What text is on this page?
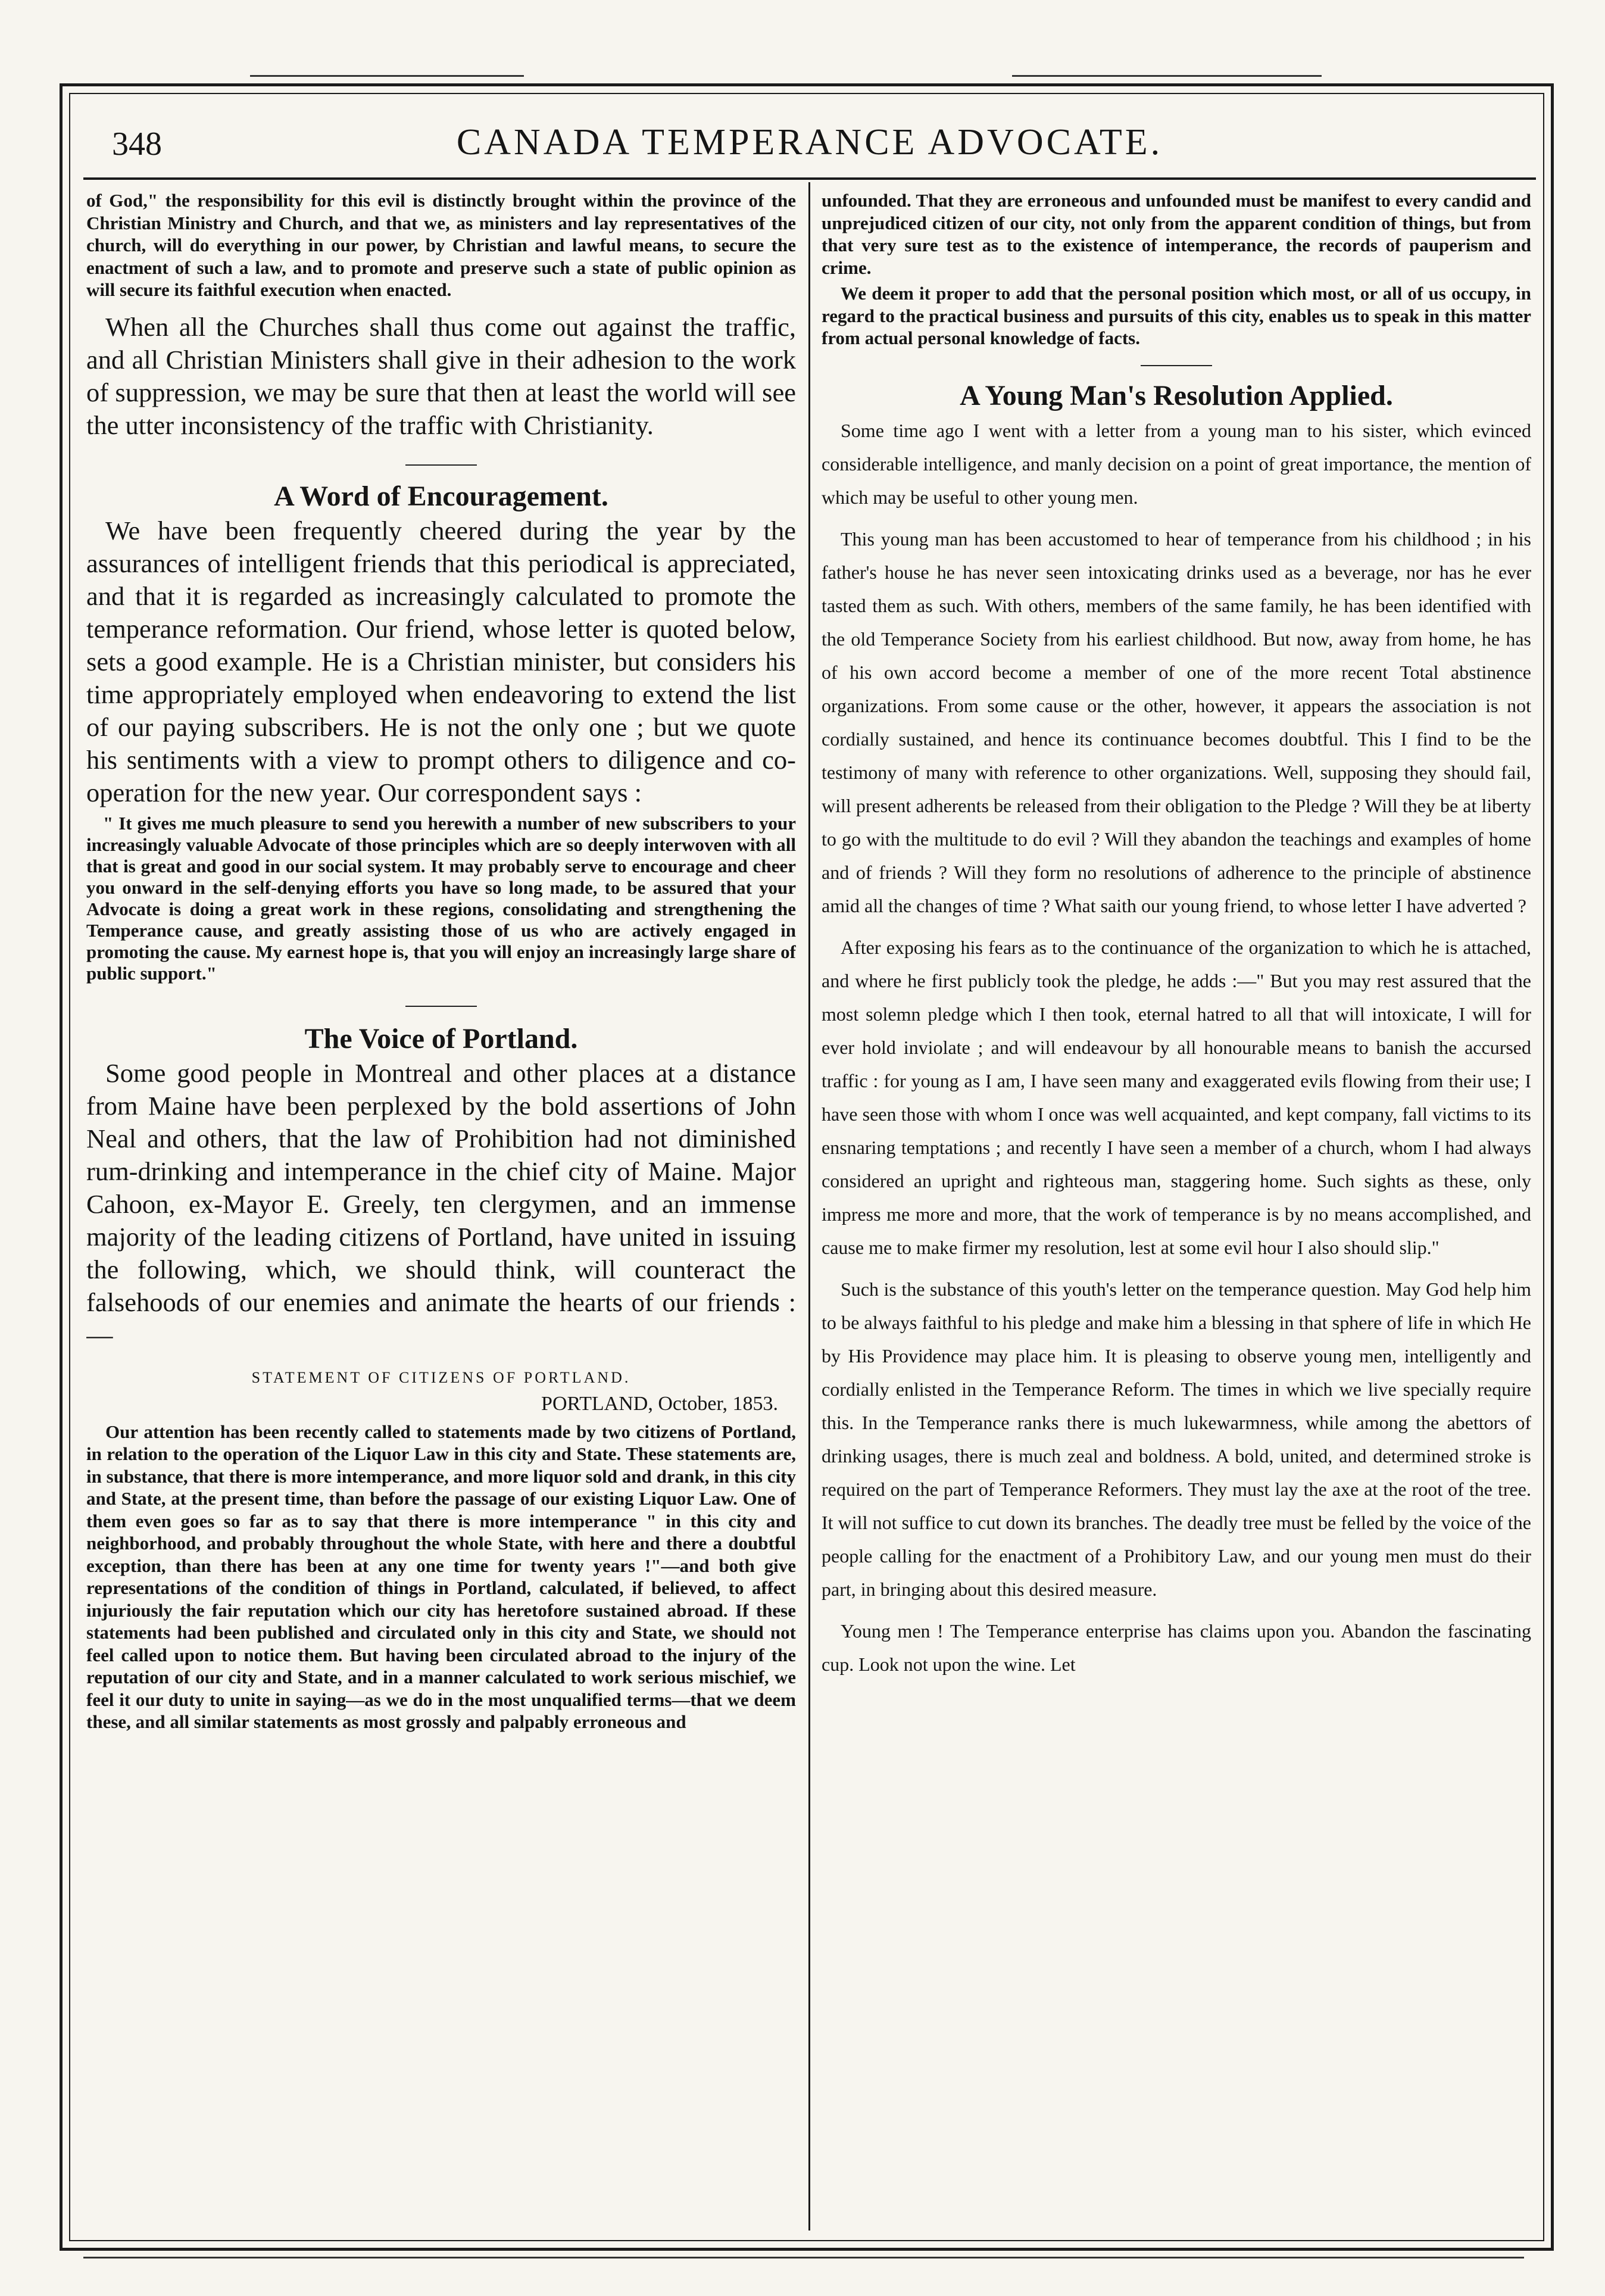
348	CANADA TEMPERANCE ADVOCATE.

of God," the responsibility for this evil is distinctly brought within the province of the Christian Ministry and Church, and that we, as ministers and lay representatives of the church, will do everything in our power, by Christian and lawful means, to secure the enactment of such a law, and to promote and preserve such a state of public opinion as will secure its faithful execution when enacted.

When all the Churches shall thus come out against the traffic, and all Christian Ministers shall give in their adhesion to the work of suppression, we may be sure that then at least the world will see the utter inconsistency of the traffic with Christianity.

A Word of Encouragement.

We have been frequently cheered during the year by the assurances of intelligent friends that this periodical is appreciated, and that it is regarded as increasingly calculated to promote the temperance reformation. Our friend, whose letter is quoted below, sets a good example. He is a Christian minister, but considers his time appropriately employed when endeavoring to extend the list of our paying subscribers. He is not the only one ; but we quote his sentiments with a view to prompt others to diligence and co-operation for the new year. Our correspondent says :

" It gives me much pleasure to send you herewith a number of new subscribers to your increasingly valuable Advocate of those principles which are so deeply interwoven with all that is great and good in our social system. It may probably serve to encourage and cheer you onward in the self-denying efforts you have so long made, to be assured that your Advocate is doing a great work in these regions, consolidating and strengthening the Temperance cause, and greatly assisting those of us who are actively engaged in promoting the cause. My earnest hope is, that you will enjoy an increasingly large share of public support."

The Voice of Portland.

Some good people in Montreal and other places at a distance from Maine have been perplexed by the bold assertions of John Neal and others, that the law of Prohibition had not diminished rum-drinking and intemperance in the chief city of Maine. Major Cahoon, ex-Mayor E. Greely, ten clergymen, and an immense majority of the leading citizens of Portland, have united in issuing the following, which, we should think, will counteract the falsehoods of our enemies and animate the hearts of our friends :—

STATEMENT OF CITIZENS OF PORTLAND.
PORTLAND, October, 1853.

Our attention has been recently called to statements made by two citizens of Portland, in relation to the operation of the Liquor Law in this city and State. These statements are, in substance, that there is more intemperance, and more liquor sold and drank, in this city and State, at the present time, than before the passage of our existing Liquor Law. One of them even goes so far as to say that there is more intemperance " in this city and neighborhood, and probably throughout the whole State, with here and there a doubtful exception, than there has been at any one time for twenty years !"—and both give representations of the condition of things in Portland, calculated, if believed, to affect injuriously the fair reputation which our city has heretofore sustained abroad. If these statements had been published and circulated only in this city and State, we should not feel called upon to notice them. But having been circulated abroad to the injury of the reputation of our city and State, and in a manner calculated to work serious mischief, we feel it our duty to unite in saying—as we do in the most unqualified terms—that we deem these, and all similar statements as most grossly and palpably erroneous and

unfounded. That they are erroneous and unfounded must be manifest to every candid and unprejudiced citizen of our city, not only from the apparent condition of things, but from that very sure test as to the existence of intemperance, the records of pauperism and crime.

We deem it proper to add that the personal position which most, or all of us occupy, in regard to the practical business and pursuits of this city, enables us to speak in this matter from actual personal knowledge of facts.

A Young Man's Resolution Applied.

Some time ago I went with a letter from a young man to his sister, which evinced considerable intelligence, and manly decision on a point of great importance, the mention of which may be useful to other young men.

This young man has been accustomed to hear of temperance from his childhood ; in his father's house he has never seen intoxicating drinks used as a beverage, nor has he ever tasted them as such. With others, members of the same family, he has been identified with the old Temperance Society from his earliest childhood. But now, away from home, he has of his own accord become a member of one of the more recent Total abstinence organizations. From some cause or the other, however, it appears the association is not cordially sustained, and hence its continuance becomes doubtful. This I find to be the testimony of many with reference to other organizations. Well, supposing they should fail, will present adherents be released from their obligation to the Pledge ? Will they be at liberty to go with the multitude to do evil ? Will they abandon the teachings and examples of home and of friends ? Will they form no resolutions of adherence to the principle of abstinence amid all the changes of time ? What saith our young friend, to whose letter I have adverted ?

After exposing his fears as to the continuance of the organization to which he is attached, and where he first publicly took the pledge, he adds :—" But you may rest assured that the most solemn pledge which I then took, eternal hatred to all that will intoxicate, I will for ever hold inviolate ; and will endeavour by all honourable means to banish the accursed traffic : for young as I am, I have seen many and exaggerated evils flowing from their use; I have seen those with whom I once was well acquainted, and kept company, fall victims to its ensnaring temptations ; and recently I have seen a member of a church, whom I had always considered an upright and righteous man, staggering home. Such sights as these, only impress me more and more, that the work of temperance is by no means accomplished, and cause me to make firmer my resolution, lest at some evil hour I also should slip."

Such is the substance of this youth's letter on the temperance question. May God help him to be always faithful to his pledge and make him a blessing in that sphere of life in which He by His Providence may place him. It is pleasing to observe young men, intelligently and cordially enlisted in the Temperance Reform. The times in which we live specially require this. In the Temperance ranks there is much lukewarmness, while among the abettors of drinking usages, there is much zeal and boldness. A bold, united, and determined stroke is required on the part of Temperance Reformers. They must lay the axe at the root of the tree. It will not suffice to cut down its branches. The deadly tree must be felled by the voice of the people calling for the enactment of a Prohibitory Law, and our young men must do their part, in bringing about this desired measure.

Young men ! The Temperance enterprise has claims upon you. Abandon the fascinating cup. Look not upon the wine. Let
